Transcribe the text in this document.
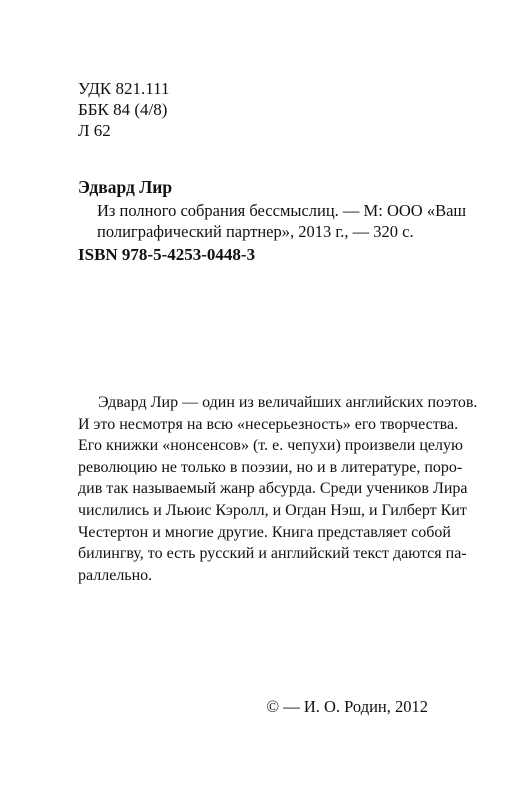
УДК 821.111
ББК 84 (4/8)
Л 62
Эдвард Лир
Из полного собрания бессмыслиц. — М: ООО «Ваш
полиграфический партнер», 2013 г., — 320 с.
ISBN 978-5-4253-0448-3
Эдвард Лир — один из величайших английских поэтов.
И это несмотря на всю «несерьезность» его творчества.
Его книжки «нонсенсов» (т. е. чепухи) произвели целую
революцию не только в поэзии, но и в литературе, поро-
див так называемый жанр абсурда. Среди учеников Лира
числились и Льюис Кэролл, и Огдан Нэш, и Гилберт Кит
Честертон и многие другие. Книга представляет собой
билингву, то есть русский и английский текст даются па-
раллельно.
© — И. О. Родин, 2012
